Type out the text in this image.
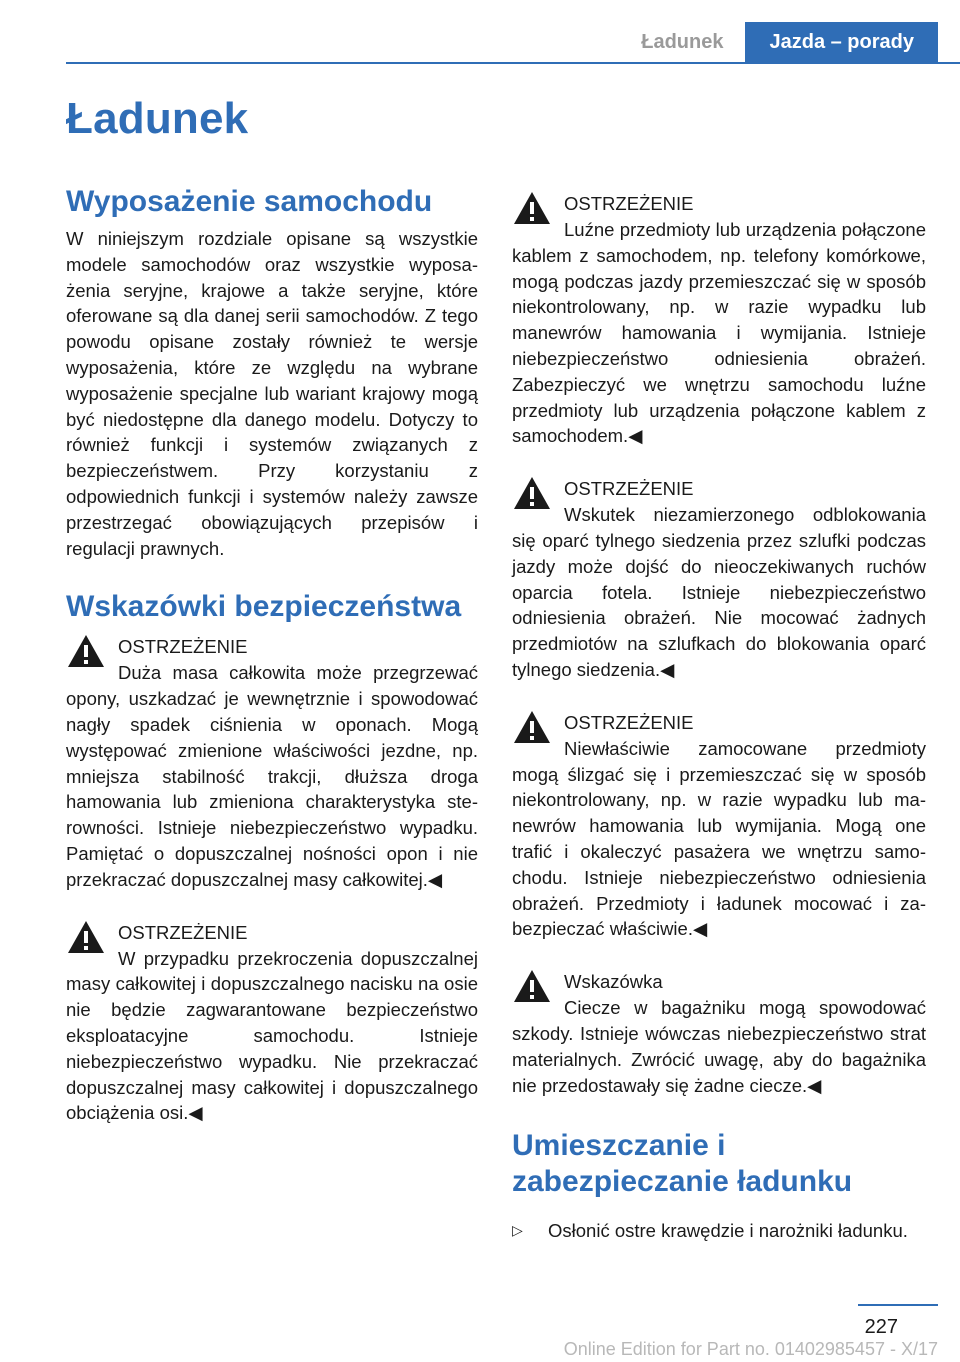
Ładunek	Jazda – porady
Ładunek
Wyposażenie samochodu

W niniejszym rozdziale opisane są wszystkie modele samochodów oraz wszystkie wyposażenia seryjne, krajowe a także seryjne, które oferowane są dla danej serii samochodów. Z tego powodu opisane zostały również te wersje wyposażenia, które ze względu na wybrane wyposażenie specjalne lub wariant krajowy mogą być niedostępne dla danego modelu. Dotyczy to również funkcji i systemów związanych z bezpieczeństwem. Przy korzystaniu z odpowiednich funkcji i systemów należy zawsze przestrzegać obowiązujących przepisów i regulacji prawnych.

Wskazówki bezpieczeństwa
OSTRZEŻENIE
Duża masa całkowita może przegrzewać opony, uszkadzać je wewnętrznie i spowodować nagły spadek ciśnienia w oponach. Mogą występować zmienione właściwości jezdne, np. mniejsza stabilność trakcji, dłuższa droga hamowania lub zmieniona charakterystyka sterowności. Istnieje niebezpieczeństwo wypadku. Pamiętać o dopuszczalnej nośności opon i nie przekraczać dopuszczalnej masy całkowitej.◀
OSTRZEŻENIE
W przypadku przekroczenia dopuszczalnej masy całkowitej i dopuszczalnego nacisku na osie nie będzie zagwarantowane bezpieczeństwo eksploatacyjne samochodu. Istnieje niebezpieczeństwo wypadku. Nie przekraczać dopuszczalnej masy całkowitej i dopuszczalnego obciążenia osi.◀
OSTRZEŻENIE
Luźne przedmioty lub urządzenia połączone kablem z samochodem, np. telefony komórkowe, mogą podczas jazdy przemieszczać się w sposób niekontrolowany, np. w razie wypadku lub manewrów hamowania i wymijania. Istnieje niebezpieczeństwo odniesienia obrażeń. Zabezpieczyć we wnętrzu samochodu luźne przedmioty lub urządzenia połączone kablem z samochodem.◀
OSTRZEŻENIE
Wskutek niezamierzonego odblokowania się oparć tylnego siedzenia przez szlufki podczas jazdy może dojść do nieoczekiwanych ruchów oparcia fotela. Istnieje niebezpieczeństwo odniesienia obrażeń. Nie mocować żadnych przedmiotów na szlufkach do blokowania oparć tylnego siedzenia.◀
OSTRZEŻENIE
Niewłaściwie zamocowane przedmioty mogą ślizgać się i przemieszczać się w sposób niekontrolowany, np. w razie wypadku lub manewrów hamowania lub wymijania. Mogą one trafić i okaleczyć pasażera we wnętrzu samochodu. Istnieje niebezpieczeństwo odniesienia obrażeń. Przedmioty i ładunek mocować i zabezpieczać właściwie.◀
Wskazówka
Ciecze w bagażniku mogą spowodować szkody. Istnieje wówczas niebezpieczeństwo strat materialnych. Zwrócić uwagę, aby do bagażnika nie przedostawały się żadne ciecze.◀
Umieszczanie i zabezpieczanie ładunku
▷	Osłonić ostre krawędzie i narożniki ładunku.
227
Online Edition for Part no. 01402985457 - X/17
